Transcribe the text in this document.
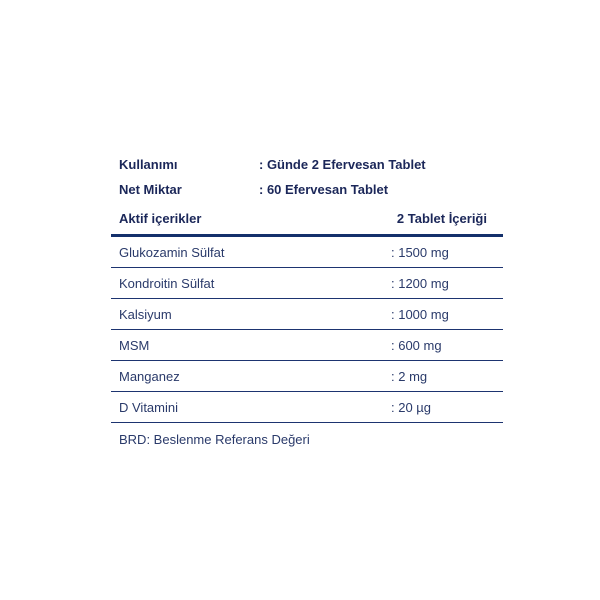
Kullanımı	: Günde 2 Efervesan Tablet
Net Miktar	: 60 Efervesan Tablet
Aktif içerikler	2 Tablet İçeriği
Glukozamin Sülfat	: 1500 mg
Kondroitin Sülfat	: 1200 mg
Kalsiyum	: 1000 mg
MSM	: 600 mg
Manganez	: 2 mg
D Vitamini	: 20 µg
BRD: Beslenme Referans Değeri
